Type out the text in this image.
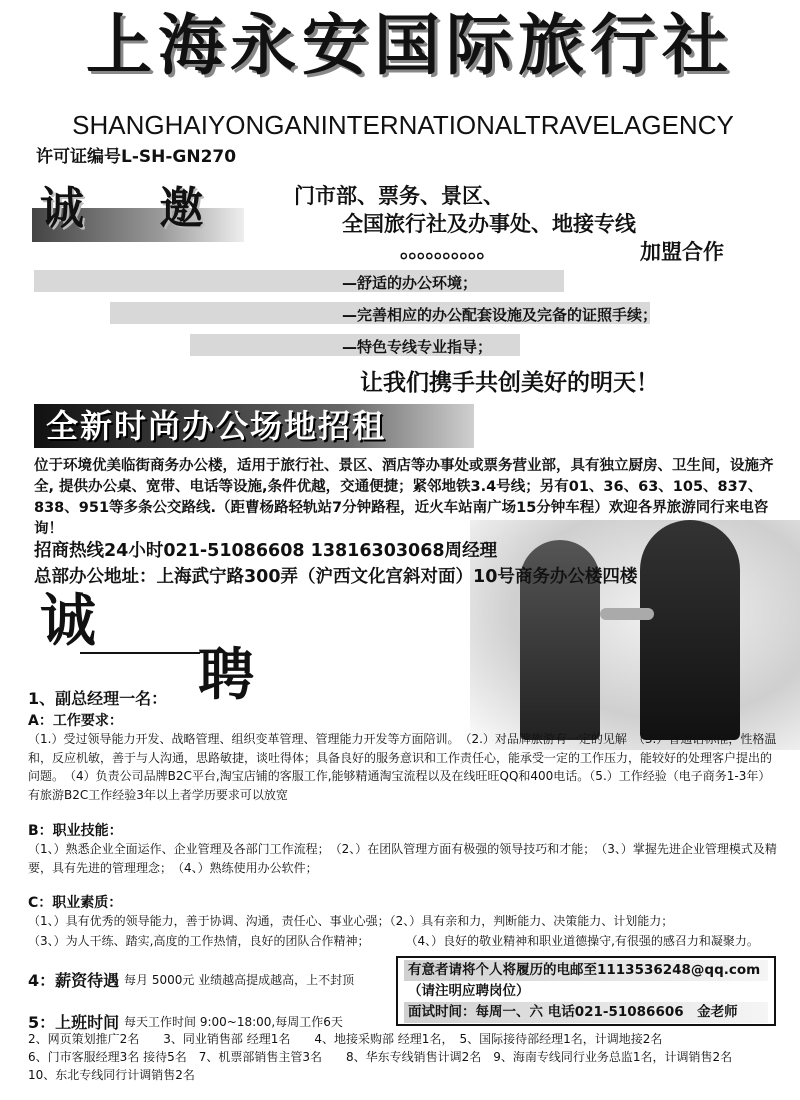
上海永安国际旅行社
SHANGHAIYONGANINTERNATIONALTRAVELAGENCY
许可证编号L-SH-GN270
诚 邀	门市部、票务、景区、
全国旅行社及办事处、地接专线
。。。。。。。。。。	加盟合作
—舒适的办公环境；
—完善相应的办公配套设施及完备的证照手续；
—特色专线专业指导；
让我们携手共创美好的明天！
全新时尚办公场地招租
位于环境优美临街商务办公楼，适用于旅行社、景区、酒店等办事处或票务营业部，具有独立厨房、卫生间，设施齐全, 提供办公桌、宽带、电话等设施,条件优越，交通便捷；紧邻地铁3.4号线；另有01、36、63、105、837、838、951等多条公交路线.（距曹杨路轻轨站7分钟路程，近火车站南广场15分钟车程）欢迎各界旅游同行来电咨询！
招商热线24小时021-51086608 13816303068周经理
总部办公地址：上海武宁路300弄（沪西文化宫斜对面）10号商务办公楼四楼
诚
聘
1、副总经理一名：
A：工作要求：
（1.）受过领导能力开发、战略管理、组织变革管理、管理能力开发等方面陪训。　（2.）对品牌旅游有一定的见解　（3.）普通话标准，性格温和，反应机敏，善于与人沟通，思路敏捷，谈吐得体；具备良好的服务意识和工作责任心，能承受一定的工作压力，能较好的处理客户提出的问题。　（4）负责公司品牌B2C平台,淘宝店铺的客服工作,能够精通淘宝流程以及在线旺旺QQ和400电话。（5.）工作经验（电子商务1-3年）有旅游B2C工作经验3年以上者学历要求可以放宽
B：职业技能：
（1、）熟悉企业全面运作、企业管理及各部门工作流程；　（2、）在团队管理方面有极强的领导技巧和才能；　（3、）掌握先进企业管理模式及精要，具有先进的管理理念；　（4、）熟练使用办公软件；
C：职业素质：
（1、）具有优秀的领导能力，善于协调、沟通，责任心、事业心强；（2、）具有亲和力，判断能力、决策能力、计划能力；
（3、）为人干练、踏实,高度的工作热情，良好的团队合作精神；　　　　（4、）良好的敬业精神和职业道德操守,有很强的感召力和凝聚力。
4：薪资待遇 每月 5000元 业绩越高提成越高，上不封顶
5：上班时间 每天工作时间 9:00~18:00,每周工作6天
2、网页策划推广2名　　3、同业销售部 经理1名　　4、地接采购部 经理1名，　5、国际接待部经理1名，计调地接2名
6、门市客服经理3名 接待5名　7、机票部销售主管3名　　8、华东专线销售计调2名　9、海南专线同行业务总监1名，计调销售2名
10、东北专线同行计调销售2名
有意者请将个人将履历的电邮至1113536248@qq.com
（请注明应聘岗位）
面试时间：每周一、六 电话021-51086606　金老师
